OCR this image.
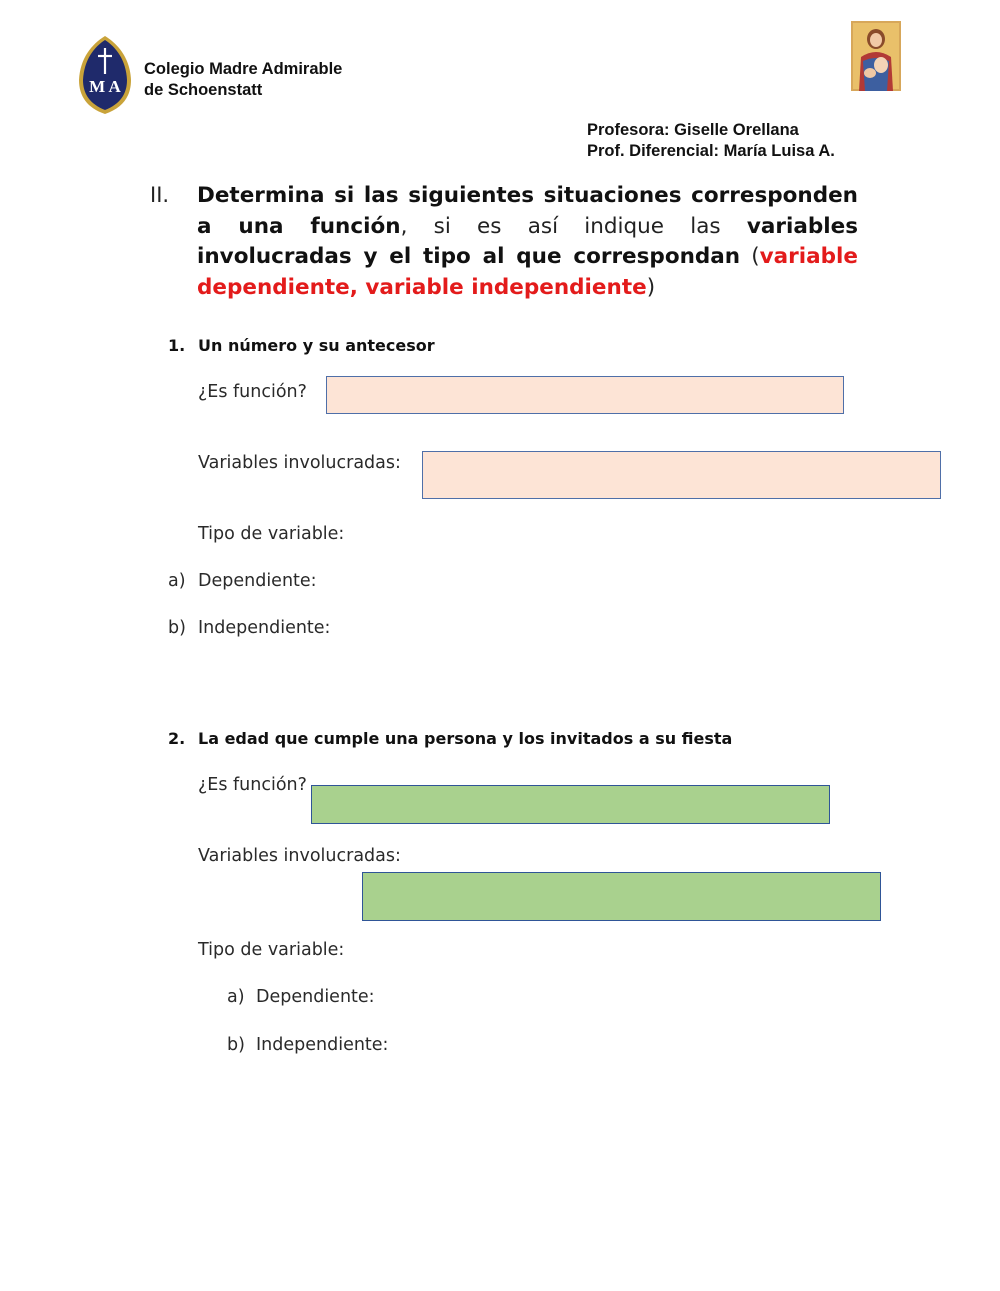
M A
Colegio Madre Admirable
de Schoenstatt
Profesora: Giselle Orellana
Prof. Diferencial: María Luisa A.
II. Determina si las siguientes situaciones corresponden a una función, si es así indique las variables involucradas y el tipo al que correspondan (variable dependiente, variable independiente)
1. Un número y su antecesor
¿Es función?
Variables involucradas:
Tipo de variable:
a) Dependiente:
b) Independiente:
2. La edad que cumple una persona y los invitados a su fiesta
¿Es función?
Variables involucradas:
Tipo de variable:
a) Dependiente:
b) Independiente:
